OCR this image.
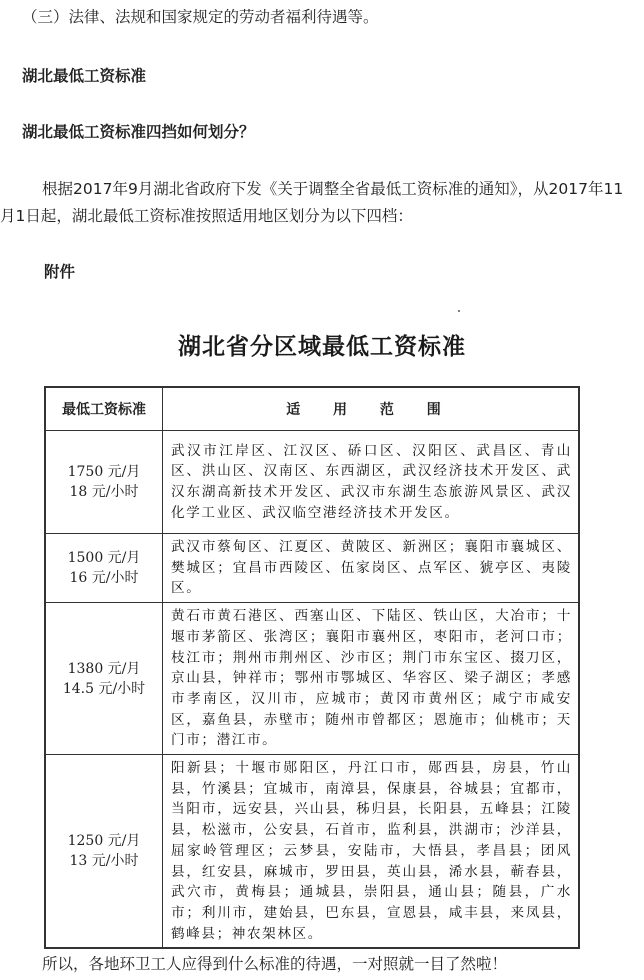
（三）法律、法规和国家规定的劳动者福利待遇等。
湖北最低工资标准
湖北最低工资标准四挡如何划分？
根据2017年9月湖北省政府下发《关于调整全省最低工资标准的通知》，从2017年11
月1日起，湖北最低工资标准按照适用地区划分为以下四档：
附件
湖北省分区域最低工资标准
最低工资标准	适 用 范 围

1750 元/月
18 元/小时	武汉市江岸区、江汉区、硚口区、汉阳区、武昌区、青山区、洪山区、汉南区、东西湖区，武汉经济技术开发区、武汉东湖高新技术开发区、武汉市东湖生态旅游风景区、武汉化学工业区、武汉临空港经济技术开发区。

1500 元/月
16 元/小时	武汉市蔡甸区、江夏区、黄陂区、新洲区；襄阳市襄城区、樊城区；宜昌市西陵区、伍家岗区、点军区、猇亭区、夷陵区。

1380 元/月
14.5 元/小时	黄石市黄石港区、西塞山区、下陆区、铁山区，大冶市；十堰市茅箭区、张湾区；襄阳市襄州区，枣阳市，老河口市；枝江市；荆州市荆州区、沙市区；荆门市东宝区、掇刀区，京山县，钟祥市；鄂州市鄂城区、华容区、梁子湖区；孝感市孝南区，汉川市，应城市；黄冈市黄州区；咸宁市咸安区，嘉鱼县，赤壁市；随州市曾都区；恩施市；仙桃市；天门市；潜江市。

1250 元/月
13 元/小时	阳新县；十堰市郧阳区，丹江口市，郧西县，房县，竹山县，竹溪县；宜城市，南漳县，保康县，谷城县；宜都市，当阳市，远安县，兴山县，秭归县，长阳县，五峰县；江陵县，松滋市，公安县，石首市，监利县，洪湖市；沙洋县，屈家岭管理区；云梦县，安陆市，大悟县，孝昌县；团风县，红安县，麻城市，罗田县，英山县，浠水县，蕲春县，武穴市，黄梅县；通城县，崇阳县，通山县；随县，广水市；利川市，建始县，巴东县，宣恩县，咸丰县，来凤县，鹤峰县；神农架林区。
所以，各地环卫工人应得到什么标准的待遇，一对照就一目了然啦！
